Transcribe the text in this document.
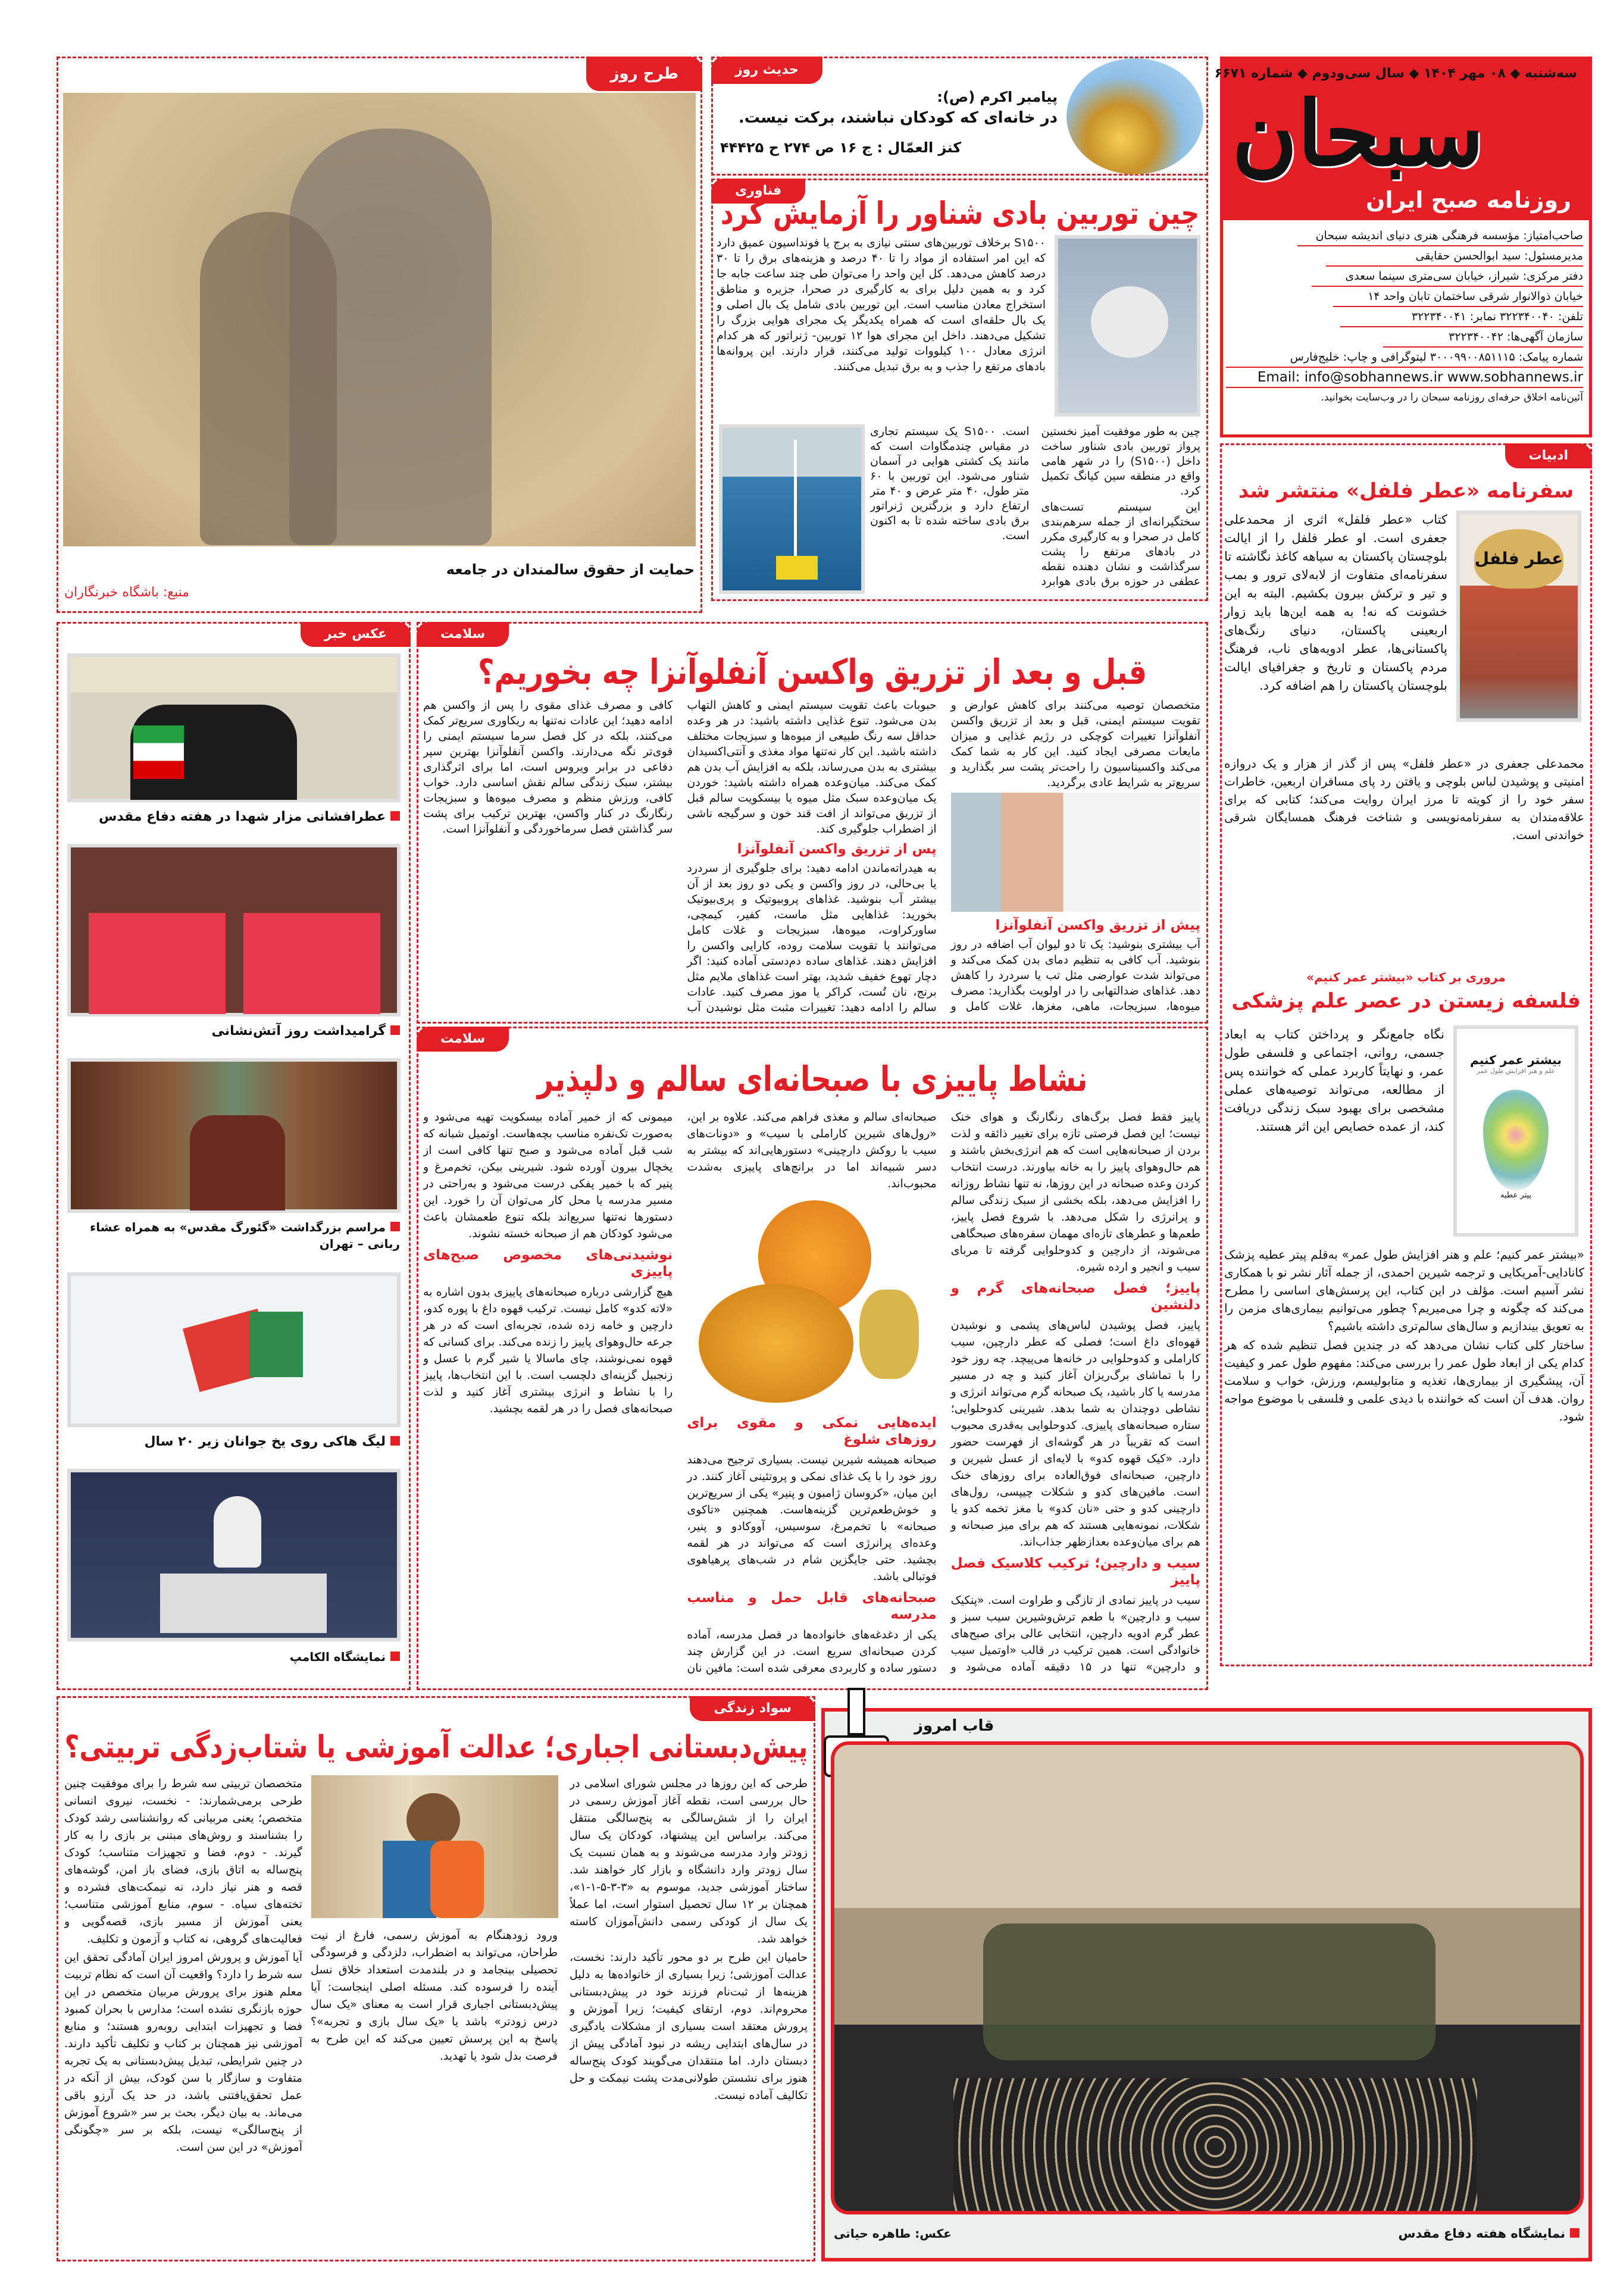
سه‌شنبه ◆ ۰۸ مهر ۱۴۰۴ ◆ سال سی‌ودوم ◆ شماره ۶۶۷۱
سبحان
روزنامه صبح ایران
صاحب‌امتیاز: مؤسسه فرهنگی هنری دنیای اندیشه سبحان
مدیرمسئول: سید ابوالحسن حقایقی
دفتر مرکزی: شیراز، خیابان سی‌متری سینما سعدی
خیابان ذوالانوار شرقی ساختمان تابان واحد ۱۴
تلفن: ۳۲۲۳۴۰۰۴۰ نمابر: ۳۲۲۳۴۰۰۴۱
سازمان آگهی‌ها: ۳۲۲۳۴۰۰۴۲
شماره پیامک: ۳۰۰۰۹۹۰۰۸۵۱۱۱۵ لیتوگرافی و چاپ: خلیج‌فارس
Email: info@sobhannews.ir www.sobhannews.ir
آئین‌نامه اخلاق حرفه‌ای روزنامه سبحان را در وب‌سایت بخوانید.
طرح روز
حمایت از حقوق سالمندان در جامعه
منبع: باشگاه خبرنگاران
حدیث روز
پیامبر اکرم (ص):
در خانه‌ای که کودکان نباشند، برکت نیست.
کنز العمّال : ج ۱۶ ص ۲۷۴ ح ۴۴۴۲۵
فناوری
چین توربین بادی شناور را آزمایش کرد
S۱۵۰۰ برخلاف توربین‌های سنتی نیازی به برج یا فونداسیون عمیق دارد که این امر استفاده از مواد را تا ۴۰ درصد و هزینه‌های برق را تا ۳۰ درصد کاهش می‌دهد. کل این واحد را می‌توان طی چند ساعت جابه جا کرد و به همین دلیل برای به کارگیری در صحرا، جزیره و مناطق استخراج معادن مناسب است. این توربین بادی شامل یک بال اصلی و یک بال حلقه‌ای است که همراه یکدیگر یک مجرای هوایی بزرگ را تشکیل می‌دهند. داخل این مجرای هوا ۱۲ توربین- ژنراتور که هر کدام انرژی معادل ۱۰۰ کیلووات تولید می‌کنند، قرار دارند. این پروانه‌ها بادهای مرتفع را جذب و به برق تبدیل می‌کنند.

چین به طور موفقیت آمیز نخستین پرواز توربین بادی شناور ساخت داخل (S۱۵۰۰) را در شهر هامی واقع در منطقه سین کیانگ تکمیل کرد.

این سیستم تست‌های سختگیرانه‌ای از جمله سرهم‌بندی کامل در صحرا و به کارگیری مکرر در بادهای مرتفع را پشت سرگذاشت و نشان دهنده نقطه عطفی در حوزه برق بادی هوابرد است. S۱۵۰۰ یک سیستم تجاری در مقیاس چندمگاوات است که مانند یک کشتی هوایی در آسمان شناور می‌شود. این توربین با ۶۰ متر طول، ۴۰ متر عرض و ۴۰ متر ارتفاع دارد و بزرگترین ژنراتور برق بادی ساخته شده تا به اکنون است.

ادبیات
سفرنامه «عطر فلفل» منتشر شد
عطر فلفل

کتاب «عطر فلفل» اثری از محمدعلی جعفری است. او عطر فلفل را از ایالت بلوچستان پاکستان به سیاهه کاغذ نگاشته تا سفرنامه‌ای متفاوت از لابه‌لای ترور و بمب و تیر و ترکش بیرون بکشیم. البته به این خشونت که نه! به همه این‌ها باید زوار اربعینی پاکستان، دنیای رنگ‌های پاکستانی‌ها، عطر ادویه‌های ناب، فرهنگ مردم پاکستان و تاریخ و جغرافیای ایالت بلوچستان پاکستان را هم اضافه کرد.

محمدعلی جعفری در «عطر فلفل» پس از گذر از هزار و یک دروازه امنیتی و پوشیدن لباس بلوچی و یافتن رد پای مسافران اربعین، خاطرات سفر خود را از کویته تا مرز ایران روایت می‌کند؛ کتابی که برای علاقه‌مندان به سفرنامه‌نویسی و شناخت فرهنگ همسایگان شرقی خواندنی است.
مروری بر کتاب «بیشتر عمر کنیم»
فلسفه زیستن در عصر علم پزشکی
بیشتر عمر کنیم
علم و هنر افزایش طول عمر
پیتر عطیه
نگاه جامع‌نگر و پرداختن کتاب به ابعاد جسمی، روانی، اجتماعی و فلسفی طول عمر، و نهایتاً کاربرد عملی که خواننده پس از مطالعه، می‌تواند توصیه‌های عملی مشخصی برای بهبود سبک زندگی دریافت کند، از عمده خصایص این اثر هستند.

«بیشتر عمر کنیم؛ علم و هنر افزایش طول عمر» به‌قلم پیتر عطیه پزشک کانادایی-آمریکایی و ترجمه شیرین احمدی، از جمله آثار نشر نو با همکاری نشر آسیم است. مؤلف در این کتاب، این پرسش‌های اساسی را مطرح می‌کند که چگونه و چرا می‌میریم؟ چطور می‌توانیم بیماری‌های مزمن را به تعویق بیندازیم و سال‌های سالم‌تری داشته باشیم؟

ساختار کلی کتاب نشان می‌دهد که در چندین فصل تنظیم شده که هر کدام یکی از ابعاد طول عمر را بررسی می‌کند: مفهوم طول عمر و کیفیت آن، پیشگیری از بیماری‌ها، تغذیه و متابولیسم، ورزش، خواب و سلامت روان. هدف آن است که خواننده با دیدی علمی و فلسفی با موضوع مواجه شود.

عکس خبر
عطرافشانی مزار شهدا در هفته دفاع مقدس
گرامیداشت روز آتش‌نشانی
مراسم بزرگداشت «گئورگ مقدس» به همراه عشاء ربانی – تهران
لیگ هاکی روی یخ جوانان زیر ۲۰ سال
نمایشگاه الکامپ
سلامت
قبل و بعد از تزریق واکسن آنفلوآنزا چه بخوریم؟

متخصصان توصیه می‌کنند برای کاهش عوارض و تقویت سیستم ایمنی، قبل و بعد از تزریق واکسن آنفلوآنزا تغییرات کوچکی در رژیم غذایی و میزان مایعات مصرفی ایجاد کنید. این کار به شما کمک می‌کند واکسیناسیون را راحت‌تر پشت سر بگذارید و سریع‌تر به شرایط عادی برگردید.

پیش از تزریق واکسن آنفلوآنزا

آب بیشتری بنوشید: یک تا دو لیوان آب اضافه در روز بنوشید. آب کافی به تنظیم دمای بدن کمک می‌کند و می‌تواند شدت عوارضی مثل تب یا سردرد را کاهش دهد. غذاهای ضدالتهابی را در اولویت بگذارید: مصرف میوه‌ها، سبزیجات، ماهی، مغزها، غلات کامل و حبوبات باعث تقویت سیستم ایمنی و کاهش التهاب بدن می‌شود. تنوع غذایی داشته باشید: در هر وعده حداقل سه رنگ طبیعی از میوه‌ها و سبزیجات مختلف داشته باشید. این کار نه‌تنها مواد مغذی و آنتی‌اکسیدان بیشتری به بدن می‌رساند، بلکه به افزایش آب بدن هم کمک می‌کند. میان‌وعده همراه داشته باشید: خوردن یک میان‌وعده سبک مثل میوه یا بیسکویت سالم قبل از تزریق می‌تواند از افت قند خون و سرگیجه ناشی از اضطراب جلوگیری کند.

پس از تزریق واکسن آنفلوآنزا

به هیدراته‌ماندن ادامه دهید: برای جلوگیری از سردرد یا بی‌حالی، در روز واکسن و یکی دو روز بعد از آن بیشتر آب بنوشید. غذاهای پروبیوتیک و پری‌بیوتیک بخورید: غذاهایی مثل ماست، کفیر، کیمچی، ساورکراوت، میوه‌ها، سبزیجات و غلات کامل می‌توانند با تقویت سلامت روده، کارایی واکسن را افزایش دهند. غذاهای ساده دم‌دستی آماده کنید: اگر دچار تهوع خفیف شدید، بهتر است غذاهای ملایم مثل برنج، نان تُست، کراکر یا موز مصرف کنید. عادات سالم را ادامه دهید: تغییرات مثبت مثل نوشیدن آب کافی و مصرف غذای مقوی را پس از واکسن هم ادامه دهید؛ این عادات نه‌تنها به ریکاوری سریع‌تر کمک می‌کنند، بلکه در کل فصل سرما سیستم ایمنی را قوی‌تر نگه می‌دارند. واکسن آنفلوآنزا بهترین سپر دفاعی در برابر ویروس است، اما برای اثرگذاری بیشتر، سبک زندگی سالم نقش اساسی دارد. خواب کافی، ورزش منظم و مصرف میوه‌ها و سبزیجات رنگارنگ در کنار واکسن، بهترین ترکیب برای پشت سر گذاشتن فصل سرماخوردگی و آنفلوآنزا است.

سلامت
نشاط پاییزی با صبحانه‌ای سالم و دلپذیر

پاییز فقط فصل برگ‌های رنگارنگ و هوای خنک نیست؛ این فصل فرصتی تازه برای تغییر ذائقه و لذت بردن از صبحانه‌هایی است که هم انرژی‌بخش باشند و هم حال‌وهوای پاییز را به خانه بیاورند. درست انتخاب کردن وعده صبحانه در این روزها، نه تنها نشاط روزانه را افزایش می‌دهد، بلکه بخشی از سبک زندگی سالم و پرانرژی را شکل می‌دهد. با شروع فصل پاییز، طعم‌ها و عطرهای تازه‌ای مهمان سفره‌های صبحگاهی می‌شوند، از دارچین و کدوحلوایی گرفته تا مربای سیب و انجیر و ارده شیره.

پاییز؛ فصل صبحانه‌های گرم و دلنشین

پاییز، فصل پوشیدن لباس‌های پشمی و نوشیدن قهوه‌ای داغ است؛ فصلی که عطر دارچین، سیب کاراملی و کدوحلوایی در خانه‌ها می‌پیچد. چه روز خود را با تماشای برگ‌ریزان آغاز کنید و چه در مسیر مدرسه یا کار باشید، یک صبحانه گرم می‌تواند انرژی و نشاطی دوچندان به شما بدهد. شیرینی کدوحلوایی؛ ستاره صبحانه‌های پاییزی. کدوحلوایی به‌قدری محبوب است که تقریباً در هر گوشه‌ای از فهرست حضور دارد. «کیک قهوه کدو» با لایه‌ای از عسل شیرین و دارچین، صبحانه‌ای فوق‌العاده برای روزهای خنک است. مافین‌های کدو و شکلات چیپسی، رول‌های دارچینی کدو و حتی «نان کدو» با مغز تخمه کدو یا شکلات، نمونه‌هایی هستند که هم برای میز صبحانه و هم برای میان‌وعده بعدازظهر جذاب‌اند.

سیب و دارچین؛ ترکیب کلاسیک فصل پاییز

سیب در پاییز نمادی از تازگی و طراوت است. «پنکیک سیب و دارچین» با طعم ترش‌وشیرین سیب سبز و عطر گرم ادویه دارچین، انتخابی عالی برای صبح‌های خانوادگی است. همین ترکیب در قالب «اوتمیل سیب و دارچین» تنها در ۱۵ دقیقه آماده می‌شود و صبحانه‌ای سالم و مغذی فراهم می‌کند. علاوه بر این، «رول‌های شیرین کاراملی با سیب» و «دونات‌های سیب با روکش دارچینی» دستورهایی‌اند که بیشتر به دسر شبیه‌اند اما در برانچ‌های پاییزی به‌شدت محبوب‌اند.

ایده‌هایی نمکی و مقوی برای روزهای شلوغ

صبحانه همیشه شیرین نیست. بسیاری ترجیح می‌دهند روز خود را با یک غذای نمکی و پروتئینی آغاز کنند. در این میان، «کروسان ژامبون و پنیر» یکی از سریع‌ترین و خوش‌طعم‌ترین گزینه‌هاست. همچنین «تاکوی صبحانه» با تخم‌مرغ، سوسیس، آووکادو و پنیر، وعده‌ای پرانرژی است که می‌تواند در هر لقمه بچشید. حتی جایگزین شام در شب‌های پرهیاهوی فوتبالی باشد.

صبحانه‌های قابل حمل و مناسب مدرسه

یکی از دغدغه‌های خانواده‌ها در فصل مدرسه، آماده کردن صبحانه‌ای سریع است. در این گزارش چند دستور ساده و کاربردی معرفی شده است: مافین نان میمونی که از خمیر آماده بیسکویت تهیه می‌شود و به‌صورت تک‌نفره مناسب بچه‌هاست. اوتمیل شبانه که شب قبل آماده می‌شود و صبح تنها کافی است از یخچال بیرون آورده شود. شیرینی بیکن، تخم‌مرغ و پنیر که با خمیر پفکی درست می‌شود و به‌راحتی در مسیر مدرسه یا محل کار می‌توان آن را خورد. این دستورها نه‌تنها سریع‌اند بلکه تنوع طعمشان باعث می‌شود کودکان هم از صبحانه خسته نشوند.

نوشیدنی‌های مخصوص صبح‌های پاییزی

هیچ گزارشی درباره صبحانه‌های پاییزی بدون اشاره به «لاته کدو» کامل نیست. ترکیب قهوه داغ با پوره کدو، دارچین و خامه زده شده، تجربه‌ای است که در هر جرعه حال‌وهوای پاییز را زنده می‌کند. برای کسانی که قهوه نمی‌نوشند، چای ماسالا یا شیر گرم با عسل و زنجبیل گزینه‌ای دلچسب است. با این انتخاب‌ها، پاییز را با نشاط و انرژی بیشتری آغاز کنید و لذت صبحانه‌های فصل را در هر لقمه بچشید.

سواد زندگی
پیش‌دبستانی اجباری؛ عدالت آموزشی یا شتاب‌زدگی تربیتی؟

طرحی که این روزها در مجلس شورای اسلامی در حال بررسی است، نقطه آغاز آموزش رسمی در ایران را از شش‌سالگی به پنج‌سالگی منتقل می‌کند. براساس این پیشنهاد، کودکان یک سال زودتر وارد مدرسه می‌شوند و به همان نسبت یک سال زودتر وارد دانشگاه و بازار کار خواهند شد. ساختار آموزشی جدید، موسوم به «۳-۳-۵-۱-۱»، همچنان بر ۱۲ سال تحصیل استوار است، اما عملاً یک سال از کودکی رسمی دانش‌آموزان کاسته خواهد شد.

حامیان این طرح بر دو محور تأکید دارند: نخست، عدالت آموزشی؛ زیرا بسیاری از خانواده‌ها به دلیل هزینه‌ها از ثبت‌نام فرزند خود در پیش‌دبستانی محروم‌اند. دوم، ارتقای کیفیت؛ زیرا آموزش و پرورش معتقد است بسیاری از مشکلات یادگیری در سال‌های ابتدایی ریشه در نبود آمادگی پیش از دبستان دارد. اما منتقدان می‌گویند کودک پنج‌ساله هنوز برای نشستن طولانی‌مدت پشت نیمکت و حل تکالیف آماده نیست.

ورود زودهنگام به آموزش رسمی، فارغ از نیت طراحان، می‌تواند به اضطراب، دلزدگی و فرسودگی تحصیلی بینجامد و در بلندمدت استعداد خلاق نسل آینده را فرسوده کند. مسئله اصلی اینجاست: آیا پیش‌دبستانی اجباری قرار است به معنای «یک سال درس زودتر» باشد یا «یک سال بازی و تجربه»؟ پاسخ به این پرسش تعیین می‌کند که این طرح به فرصت بدل شود یا تهدید.

متخصصان تربیتی سه شرط را برای موفقیت چنین طرحی برمی‌شمارند: - نخست، نیروی انسانی متخصص؛ یعنی مربیانی که روانشناسی رشد کودک را بشناسند و روش‌های مبتنی بر بازی را به کار گیرند. - دوم، فضا و تجهیزات متناسب؛ کودک پنج‌ساله به اتاق بازی، فضای باز امن، گوشه‌های قصه و هنر نیاز دارد، نه نیمکت‌های فشرده و تخته‌های سیاه. - سوم، منابع آموزشی متناسب؛ یعنی آموزش از مسیر بازی، قصه‌گویی و فعالیت‌های گروهی، نه کتاب و آزمون و تکلیف.

آیا آموزش و پرورش امروز ایران آمادگی تحقق این سه شرط را دارد؟ واقعیت آن است که نظام تربیت معلم هنوز برای پرورش مربیان متخصص در این حوزه بازنگری نشده است؛ مدارس با بحران کمبود فضا و تجهیزات ابتدایی روبه‌رو هستند؛ و منابع آموزشی نیز همچنان بر کتاب و تکلیف تأکید دارند. در چنین شرایطی، تبدیل پیش‌دبستانی به یک تجربه متفاوت و سازگار با سن کودک، بیش از آنکه در عمل تحقق‌یافتنی باشد، در حد یک آرزو باقی می‌ماند. به بیان دیگر، بحث بر سر «شروع آموزش از پنج‌سالگی» نیست، بلکه بر سر «چگونگی آموزش» در این سن است.

قاب امروز
نمایشگاه هفته دفاع مقدس
عکس: طاهره حیاتی
